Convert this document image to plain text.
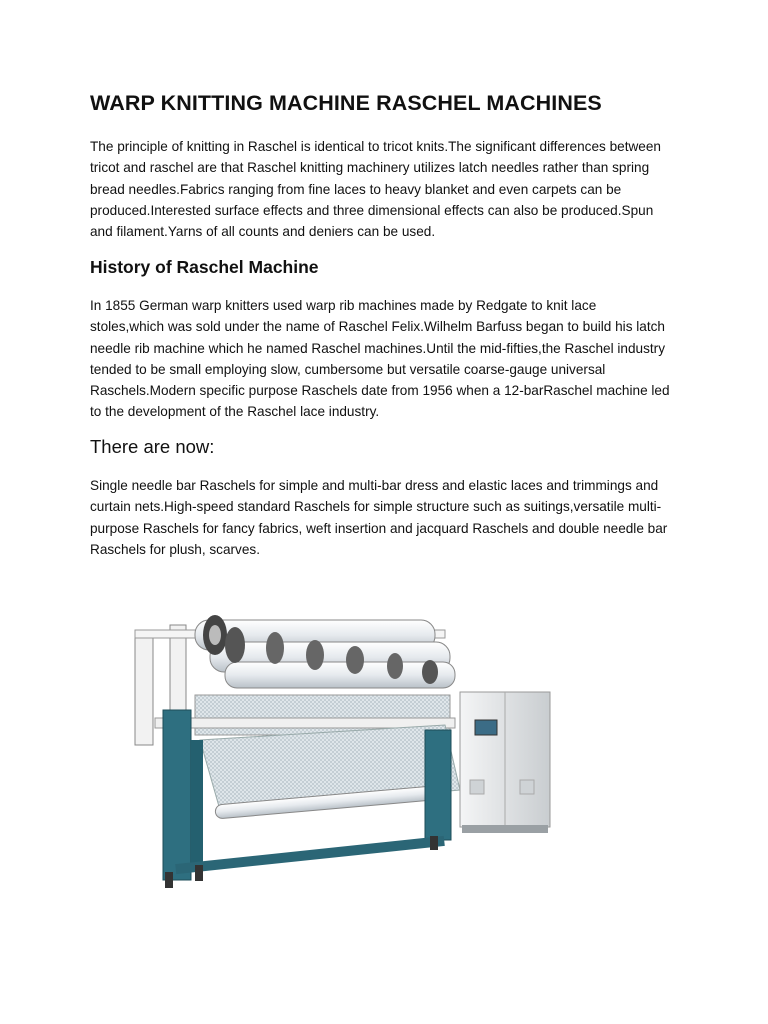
WARP KNITTING MACHINE RASCHEL MACHINES

The principle of knitting in Raschel is identical to tricot knits.The significant differences between
tricot and raschel are that Raschel knitting machinery utilizes latch needles rather than spring
bread needles.Fabrics ranging from fine laces to heavy blanket and even carpets can be
produced.Interested surface effects and three dimensional effects can also be produced.Spun
and filament.Yarns of all counts and deniers can be used.

History of Raschel Machine

In 1855 German warp knitters used warp rib machines made by Redgate to knit lace
stoles,which was sold under the name of Raschel Felix.Wilhelm Barfuss began to build his latch
needle rib machine which he named Raschel machines.Until the mid-fifties,the Raschel industry
tended to be small employing slow, cumbersome but versatile coarse-gauge universal
Raschels.Modern specific purpose Raschels date from 1956 when a 12-barRaschel machine led
to the development of the Raschel lace industry.

There are now:

Single needle bar Raschels for simple and multi-bar dress and elastic laces and trimmings and
curtain nets.High-speed standard Raschels for simple structure such as suitings,versatile multi-
purpose Raschels for fancy fabrics, weft insertion and jacquard Raschels and double needle bar
Raschels for plush, scarves.
